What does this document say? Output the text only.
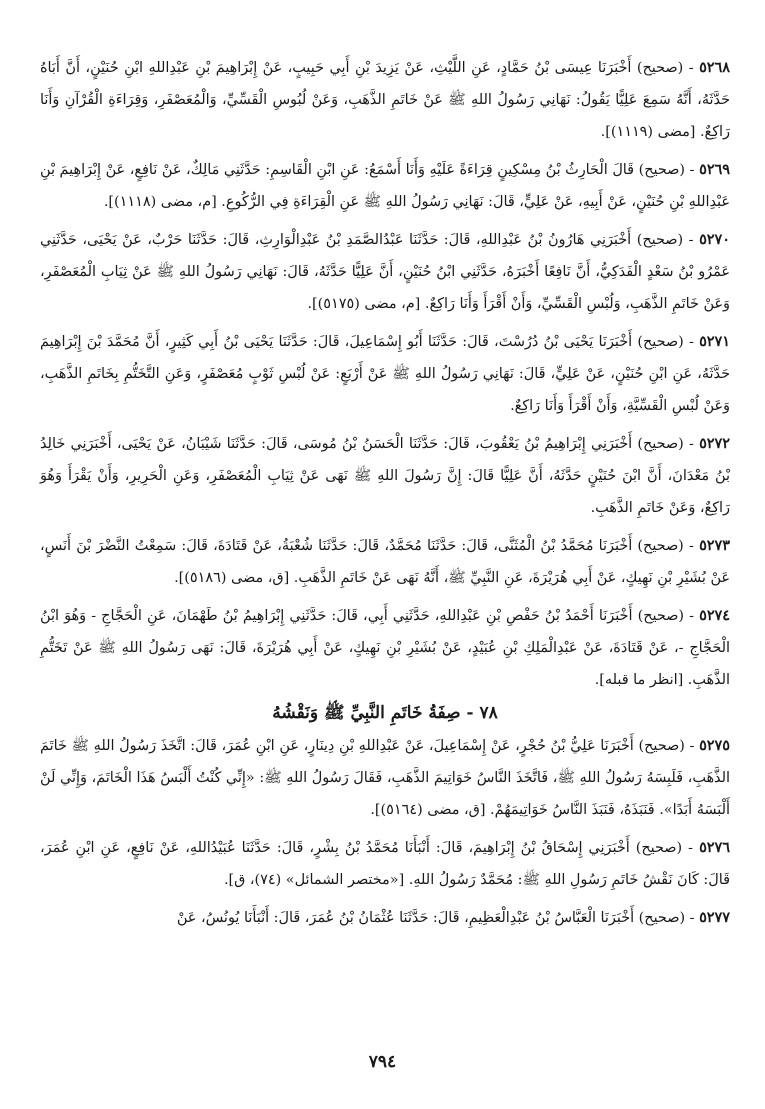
٥٢٦٨ - (صحيح) أَخْبَرَنَا عِيسَى بْنُ حَمَّادٍ، عَنِ اللَّيْثِ، عَنْ يَزِيدَ بْنِ أَبِي حَبِيبٍ، عَنْ إِبْرَاهِيمَ بْنِ عَبْدِاللهِ ابْنِ حُنَيْنٍ، أَنَّ أَبَاهُ حَدَّثَهُ، أَنَّهُ سَمِعَ عَلِيًّا يَقُولُ: نَهَانِي رَسُولُ اللهِ ﷺ عَنْ خَاتَمِ الذَّهَبِ، وَعَنْ لُبُوسِ الْقَسِّيِّ، وَالْمُعَصْفَرِ، وَقِرَاءَةِ الْقُرْآنِ وَأَنَا رَاكِعٌ. [مضى (١١١٩)].

٥٢٦٩ - (صحيح) قَالَ الْحَارِثُ بْنُ مِسْكِينٍ قِرَاءَةً عَلَيْهِ وَأَنَا أَسْمَعُ: عَنِ ابْنِ الْقَاسِمِ: حَدَّثَنِي مَالِكٌ، عَنْ نَافِعٍ، عَنْ إِبْرَاهِيمَ بْنِ عَبْدِاللهِ بْنِ حُنَيْنٍ، عَنْ أَبِيهِ، عَنْ عَلِيٍّ، قَالَ: نَهَانِي رَسُولُ اللهِ ﷺ عَنِ الْقِرَاءَةِ فِي الرُّكُوعِ. [م، مضى (١١١٨)].

٥٢٧٠ - (صحيح) أَخْبَرَنِي هَارُونُ بْنُ عَبْدِاللهِ، قَالَ: حَدَّثَنَا عَبْدُالصَّمَدِ بْنُ عَبْدِالْوَارِثِ، قَالَ: حَدَّثَنَا حَرْبٌ، عَنْ يَحْيَى، حَدَّثَنِي عَمْرُو بْنُ سَعْدٍ الْفَدَكِيُّ، أَنَّ نَافِعًا أَخْبَرَهُ، حَدَّثَنِي ابْنُ حُنَيْنٍ، أَنَّ عَلِيًّا حَدَّثَهُ، قَالَ: نَهَانِي رَسُولُ اللهِ ﷺ عَنْ ثِيَابِ الْمُعَصْفَرِ، وَعَنْ خَاتَمِ الذَّهَبِ، وَلُبْسِ الْقَسِّيِّ، وَأَنْ أَقْرَأَ وَأَنَا رَاكِعٌ. [م، مضى (٥١٧٥)].

٥٢٧١ - (صحيح) أَخْبَرَنَا يَحْيَى بْنُ دُرُسْتَ، قَالَ: حَدَّثَنَا أَبُو إِسْمَاعِيلَ، قَالَ: حَدَّثَنَا يَحْيَى بْنُ أَبِي كَثِيرٍ، أَنَّ مُحَمَّدَ بْنَ إِبْرَاهِيمَ حَدَّثَهُ، عَنِ ابْنِ حُنَيْنٍ، عَنْ عَلِيٍّ، قَالَ: نَهَانِي رَسُولُ اللهِ ﷺ عَنْ أَرْبَعٍ: عَنْ لُبْسِ ثَوْبٍ مُعَصْفَرٍ، وَعَنِ التَّخَتُّمِ بِخَاتَمِ الذَّهَبِ، وَعَنْ لُبْسِ الْقَسِّيَّةِ، وَأَنْ أَقْرَأَ وَأَنَا رَاكِعٌ.

٥٢٧٢ - (صحيح) أَخْبَرَنِي إِبْرَاهِيمُ بْنُ يَعْقُوبَ، قَالَ: حَدَّثَنَا الْحَسَنُ بْنُ مُوسَى، قَالَ: حَدَّثَنَا شَيْبَانُ، عَنْ يَحْيَى، أَخْبَرَنِي خَالِدُ بْنُ مَعْدَانَ، أَنَّ ابْنَ حُنَيْنٍ حَدَّثَهُ، أَنَّ عَلِيًّا قَالَ: إِنَّ رَسُولَ اللهِ ﷺ نَهَى عَنْ ثِيَابِ الْمُعَصْفَرِ، وَعَنِ الْحَرِيرِ، وَأَنْ يَقْرَأَ وَهُوَ رَاكِعٌ، وَعَنْ خَاتَمِ الذَّهَبِ.

٥٢٧٣ - (صحيح) أَخْبَرَنَا مُحَمَّدُ بْنُ الْمُثَنَّى، قَالَ: حَدَّثَنَا مُحَمَّدٌ، قَالَ: حَدَّثَنَا شُعْبَةُ، عَنْ قَتَادَةَ، قَالَ: سَمِعْتُ النَّضْرَ بْنَ أَنَسٍ، عَنْ بُشَيْرِ بْنِ نَهِيكٍ، عَنْ أَبِي هُرَيْرَةَ، عَنِ النَّبِيِّ ﷺ، أَنَّهُ نَهَى عَنْ خَاتَمِ الذَّهَبِ. [ق، مضى (٥١٨٦)].

٥٢٧٤ - (صحيح) أَخْبَرَنَا أَحْمَدُ بْنُ حَفْصِ بْنِ عَبْدِاللهِ، حَدَّثَنِي أَبِي، قَالَ: حَدَّثَنِي إِبْرَاهِيمُ بْنُ طَهْمَانَ، عَنِ الْحَجَّاجِ - وَهُوَ ابْنُ الْحَجَّاجِ -، عَنْ قَتَادَةَ، عَنْ عَبْدِالْمَلِكِ بْنِ عُبَيْدٍ، عَنْ بُشَيْرِ بْنِ نَهِيكٍ، عَنْ أَبِي هُرَيْرَةَ، قَالَ: نَهَى رَسُولُ اللهِ ﷺ عَنْ تَخَتُّمِ الذَّهَبِ. [انظر ما قبله].

٧٨ - صِفَةُ خَاتَمِ النَّبِيِّ ﷺ وَنَقْشُهُ

٥٢٧٥ - (صحيح) أَخْبَرَنَا عَلِيُّ بْنُ حُجْرٍ، عَنْ إِسْمَاعِيلَ، عَنْ عَبْدِاللهِ بْنِ دِينَارٍ، عَنِ ابْنِ عُمَرَ، قَالَ: اتَّخَذَ رَسُولُ اللهِ ﷺ خَاتَمَ الذَّهَبِ، فَلَبِسَهُ رَسُولُ اللهِ ﷺ، فَاتَّخَذَ النَّاسُ خَوَاتِيمَ الذَّهَبِ، فَقَالَ رَسُولُ اللهِ ﷺ: «إِنِّي كُنْتُ أَلْبَسُ هَذَا الْخَاتَمَ، وَإِنِّي لَنْ أَلْبَسَهُ أَبَدًا». فَنَبَذَهُ، فَنَبَذَ النَّاسُ خَوَاتِيمَهُمْ. [ق، مضى (٥١٦٤)].

٥٢٧٦ - (صحيح) أَخْبَرَنِي إِسْحَاقُ بْنُ إِبْرَاهِيمَ، قَالَ: أَنْبَأَنَا مُحَمَّدُ بْنُ بِشْرٍ، قَالَ: حَدَّثَنَا عُبَيْدُاللهِ، عَنْ نَافِعٍ، عَنِ ابْنِ عُمَرَ، قَالَ: كَانَ نَقْشُ خَاتَمِ رَسُولِ اللهِ ﷺ: مُحَمَّدٌ رَسُولُ اللهِ. [«مختصر الشمائل» (٧٤)، ق].

٥٢٧٧ - (صحيح) أَخْبَرَنَا الْعَبَّاسُ بْنُ عَبْدِالْعَظِيمِ، قَالَ: حَدَّثَنَا عُثْمَانُ بْنُ عُمَرَ، قَالَ: أَنْبَأَنَا يُونُسُ، عَنْ

٧٩٤
